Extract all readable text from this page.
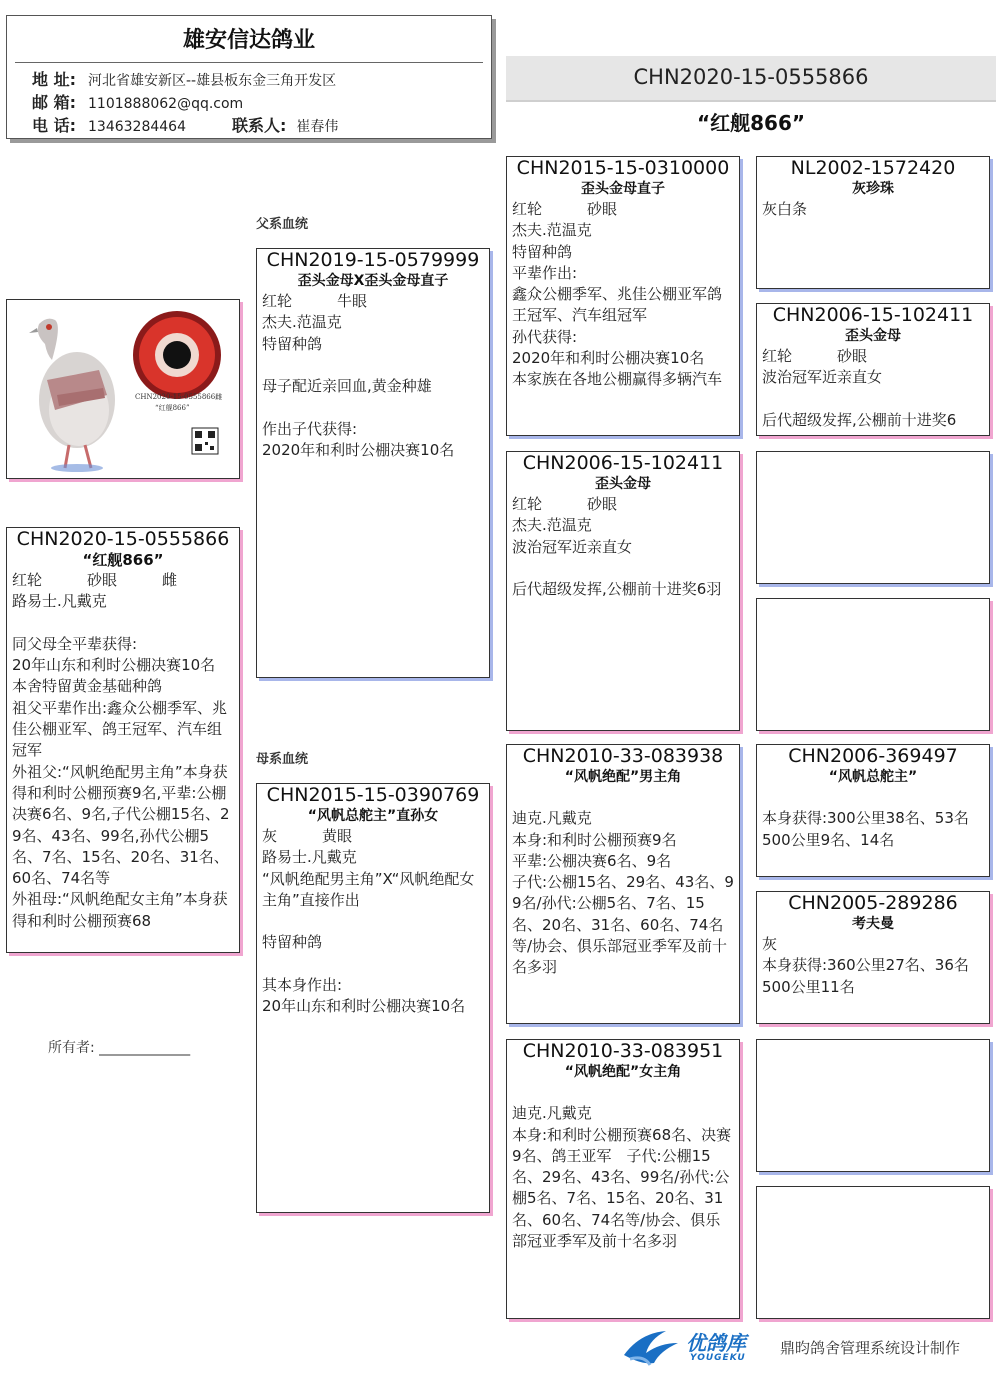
雄安信达鸽业
地 址: 河北省雄安新区--雄县板东金三角开发区
邮 箱: 1101888062@qq.com
电 话: 13463284464	联系人: 崔春伟
CHN2020-15-0555866
“红舰866”
父系血统
母系血统
CHN2020-15-0555866雌
“红舰866”
CHN2020-15-0555866
“红舰866”
红轮　　　砂眼　　　雌
路易士.凡戴克
同父母全平辈获得:
20年山东和利时公棚决赛10名
本舍特留黄金基础种鸽
祖父平辈作出:鑫众公棚季军、兆佳公棚亚军、鸽王冠军、汽车组冠军
外祖父:“风帆绝配男主角”本身获得和利时公棚预赛9名,平辈:公棚决赛6名、9名,子代公棚15名、29名、43名、99名,孙代公棚5名、7名、15名、20名、31名、60名、74名等
外祖母:“风帆绝配女主角”本身获得和利时公棚预赛68
所有者: _____________
CHN2019-15-0579999
歪头金母X歪头金母直子
红轮　　　牛眼
杰夫.范温克
特留种鸽
母子配近亲回血,黄金种雄
作出子代获得:
2020年和利时公棚决赛10名
CHN2015-15-0390769
“风帆总舵主”直孙女
灰　　　黄眼
路易士.凡戴克
“风帆绝配男主角”X“风帆绝配女主角”直接作出
特留种鸽
其本身作出:
20年山东和利时公棚决赛10名
CHN2015-15-0310000
歪头金母直子
红轮　　　砂眼
杰夫.范温克
特留种鸽
平辈作出:
鑫众公棚季军、兆佳公棚亚军鸽王冠军、汽车组冠军
孙代获得:
2020年和利时公棚决赛10名
本家族在各地公棚赢得多辆汽车
CHN2006-15-102411
歪头金母
红轮　　　砂眼
杰夫.范温克
波治冠军近亲直女
后代超级发挥,公棚前十进奖6羽
CHN2010-33-083938
“风帆绝配”男主角
迪克.凡戴克
本身:和利时公棚预赛9名
平辈:公棚决赛6名、9名
子代:公棚15名、29名、43名、99名/孙代:公棚5名、7名、15名、20名、31名、60名、74名等/协会、俱乐部冠亚季军及前十名多羽
CHN2010-33-083951
“风帆绝配”女主角
迪克.凡戴克
本身:和利时公棚预赛68名、决赛9名、鸽王亚军　子代:公棚15名、29名、43名、99名/孙代:公棚5名、7名、15名、20名、31名、60名、74名等/协会、俱乐部冠亚季军及前十名多羽
NL2002-1572420
灰珍珠
灰白条
CHN2006-15-102411
歪头金母
红轮　　　砂眼
波治冠军近亲直女
后代超级发挥,公棚前十进奖6
CHN2006-369497
“风帆总舵主”
本身获得:300公里38名、53名
500公里9名、14名
CHN2005-289286
考夫曼
灰
本身获得:360公里27名、36名
500公里11名
优鸽库
YOUGEKU
鼎昀鸽舍管理系统设计制作
